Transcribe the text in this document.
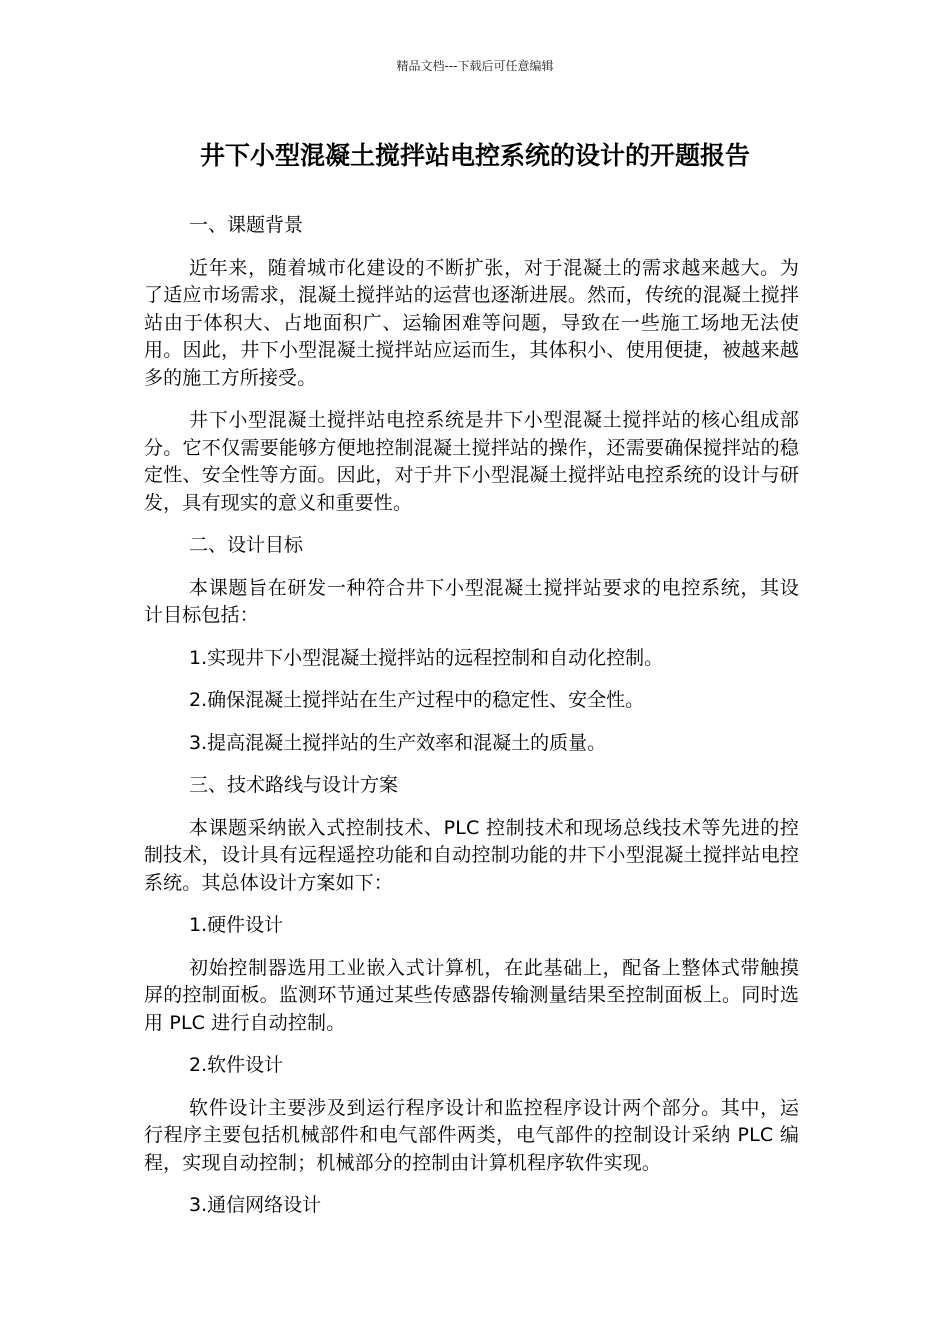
精品文档---下载后可任意编辑
井下小型混凝土搅拌站电控系统的设计的开题报告

一、课题背景

近年来，随着城市化建设的不断扩张，对于混凝土的需求越来越大。为了适应市场需求，混凝土搅拌站的运营也逐渐进展。然而，传统的混凝土搅拌站由于体积大、占地面积广、运输困难等问题，导致在一些施工场地无法使用。因此，井下小型混凝土搅拌站应运而生，其体积小、使用便捷，被越来越多的施工方所接受。

井下小型混凝土搅拌站电控系统是井下小型混凝土搅拌站的核心组成部分。它不仅需要能够方便地控制混凝土搅拌站的操作，还需要确保搅拌站的稳定性、安全性等方面。因此，对于井下小型混凝土搅拌站电控系统的设计与研发，具有现实的意义和重要性。

二、设计目标

本课题旨在研发一种符合井下小型混凝土搅拌站要求的电控系统，其设计目标包括：

1.实现井下小型混凝土搅拌站的远程控制和自动化控制。

2.确保混凝土搅拌站在生产过程中的稳定性、安全性。

3.提高混凝土搅拌站的生产效率和混凝土的质量。

三、技术路线与设计方案

本课题采纳嵌入式控制技术、PLC 控制技术和现场总线技术等先进的控制技术，设计具有远程遥控功能和自动控制功能的井下小型混凝土搅拌站电控系统。其总体设计方案如下：

1.硬件设计

初始控制器选用工业嵌入式计算机，在此基础上，配备上整体式带触摸屏的控制面板。监测环节通过某些传感器传输测量结果至控制面板上。同时选用 PLC 进行自动控制。

2.软件设计

软件设计主要涉及到运行程序设计和监控程序设计两个部分。其中，运行程序主要包括机械部件和电气部件两类，电气部件的控制设计采纳 PLC 编程，实现自动控制；机械部分的控制由计算机程序软件实现。

3.通信网络设计
